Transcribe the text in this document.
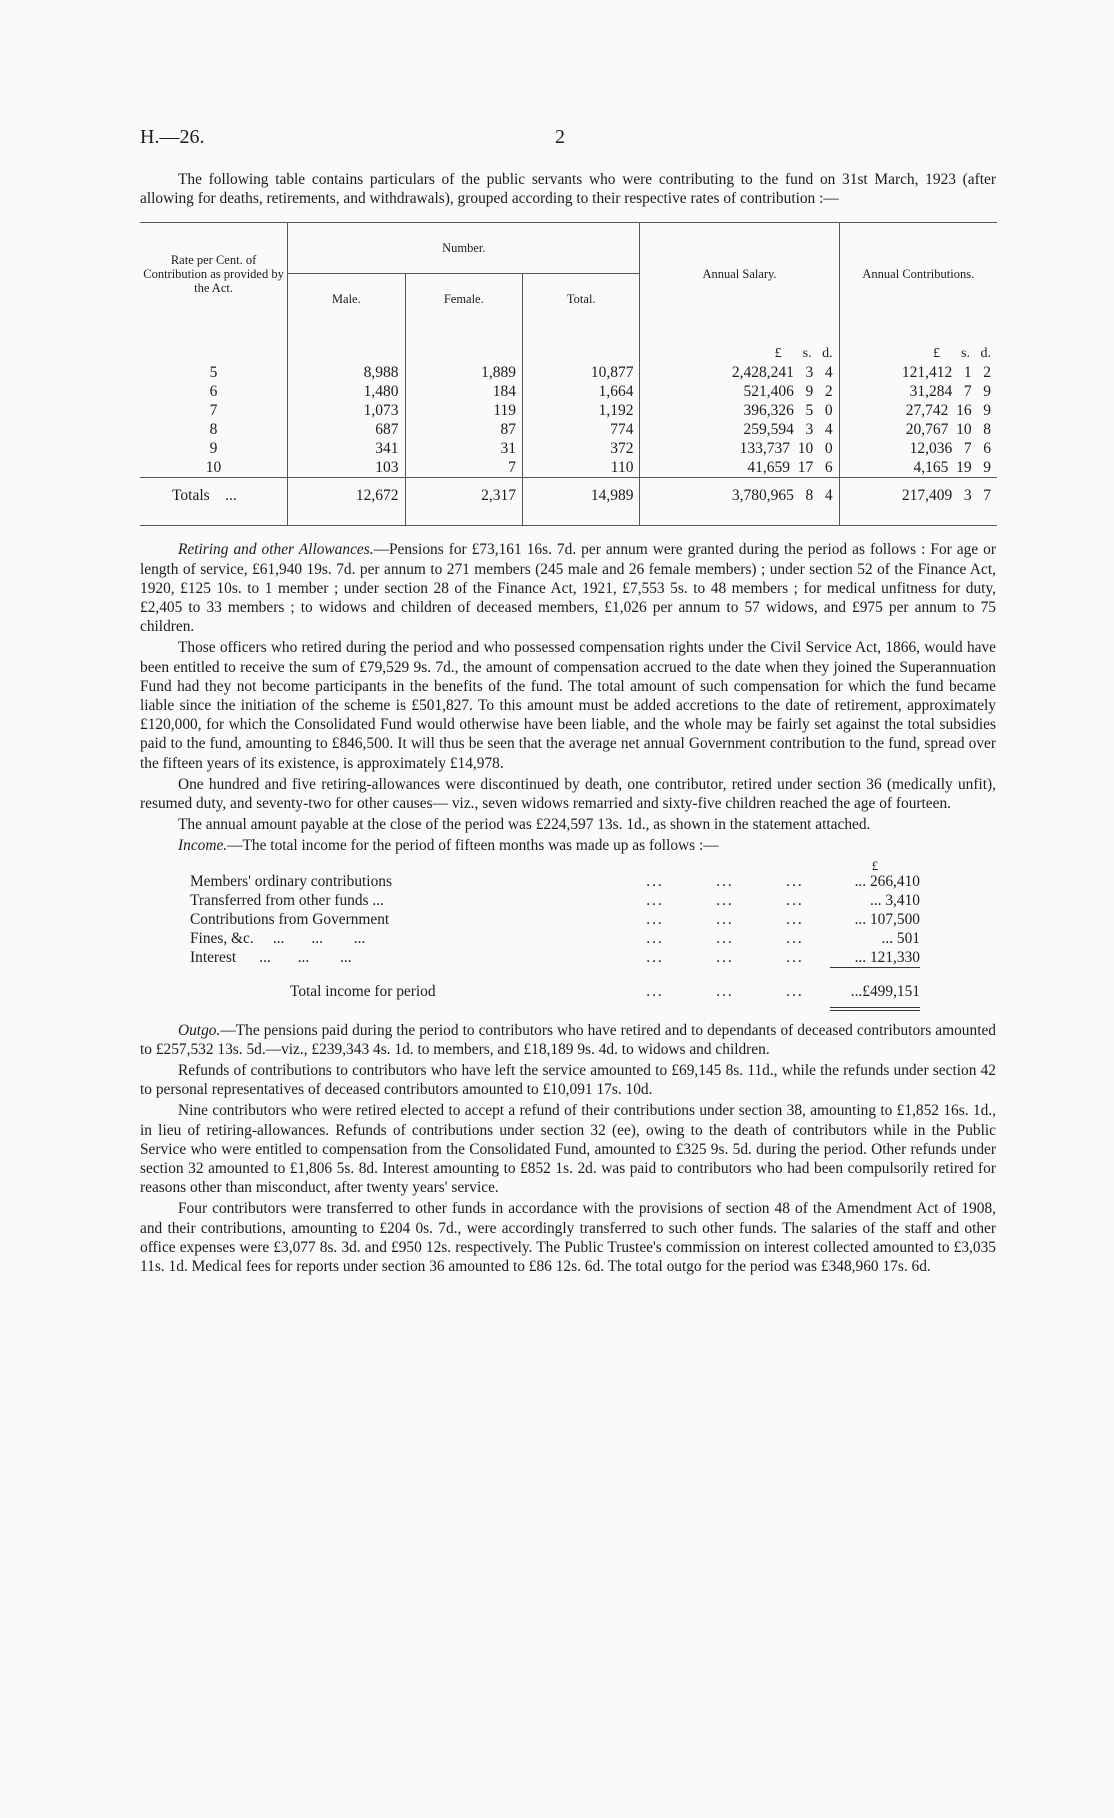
H.—26.	2

The following table contains particulars of the public servants who were contributing to the fund on 31st March, 1923 (after allowing for deaths, retirements, and withdrawals), grouped according to their respective rates of contribution :—

Rate per Cent. of Contribution as provided by the Act.	Number.			Annual Salary.	Annual Contributions.
	Male.	Female.	Total.		

				£      s.   d.	£      s.   d.
5	8,988	1,889	10,877	2,428,241   3   4	121,412   1   2
6	1,480	184	1,664	521,406   9   2	31,284   7   9
7	1,073	119	1,192	396,326   5   0	27,742  16   9
8	687	87	774	259,594   3   4	20,767  10   8
9	341	31	372	133,737  10   0	12,036   7   6
10	103	7	110	41,659  17   6	4,165  19   9
Totals ...	12,672	2,317	14,989	3,780,965   8   4	217,409   3   7

Retiring and other Allowances.—Pensions for £73,161 16s. 7d. per annum were granted during the period as follows : For age or length of service, £61,940 19s. 7d. per annum to 271 members (245 male and 26 female members) ; under section 52 of the Finance Act, 1920, £125 10s. to 1 member ; under section 28 of the Finance Act, 1921, £7,553 5s. to 48 members ; for medical unfitness for duty, £2,405 to 33 members ; to widows and children of deceased members, £1,026 per annum to 57 widows, and £975 per annum to 75 children.

Those officers who retired during the period and who possessed compensation rights under the Civil Service Act, 1866, would have been entitled to receive the sum of £79,529 9s. 7d., the amount of compensation accrued to the date when they joined the Superannuation Fund had they not become participants in the benefits of the fund. The total amount of such compensation for which the fund became liable since the initiation of the scheme is £501,827. To this amount must be added accretions to the date of retirement, approximately £120,000, for which the Consolidated Fund would otherwise have been liable, and the whole may be fairly set against the total subsidies paid to the fund, amounting to £846,500. It will thus be seen that the average net annual Government contribution to the fund, spread over the fifteen years of its existence, is approximately £14,978.

One hundred and five retiring-allowances were discontinued by death, one contributor, retired under section 36 (medically unfit), resumed duty, and seventy-two for other causes— viz., seven widows remarried and sixty-five children reached the age of fourteen.

The annual amount payable at the close of the period was £224,597 13s. 1d., as shown in the statement attached.

Income.—The total income for the period of fifteen months was made up as follows :—

				£
Members' ordinary contributions	...	...	...	... 266,410
Transferred from other funds ...	...	...	...	... 3,410
Contributions from Government	...	...	...	... 107,500
Fines, &c.     ...       ...        ...	...	...	...	... 501
Interest      ...       ...        ...	...	...	...	... 121,330
Total income for period	...	...	...	...£499,151

Outgo.—The pensions paid during the period to contributors who have retired and to dependants of deceased contributors amounted to £257,532 13s. 5d.—viz., £239,343 4s. 1d. to members, and £18,189 9s. 4d. to widows and children.

Refunds of contributions to contributors who have left the service amounted to £69,145 8s. 11d., while the refunds under section 42 to personal representatives of deceased contributors amounted to £10,091 17s. 10d.

Nine contributors who were retired elected to accept a refund of their contributions under section 38, amounting to £1,852 16s. 1d., in lieu of retiring-allowances. Refunds of contributions under section 32 (ee), owing to the death of contributors while in the Public Service who were entitled to compensation from the Consolidated Fund, amounted to £325 9s. 5d. during the period. Other refunds under section 32 amounted to £1,806 5s. 8d. Interest amounting to £852 1s. 2d. was paid to contributors who had been compulsorily retired for reasons other than misconduct, after twenty years' service.

Four contributors were transferred to other funds in accordance with the provisions of section 48 of the Amendment Act of 1908, and their contributions, amounting to £204 0s. 7d., were accordingly transferred to such other funds. The salaries of the staff and other office expenses were £3,077 8s. 3d. and £950 12s. respectively. The Public Trustee's commission on interest collected amounted to £3,035 11s. 1d. Medical fees for reports under section 36 amounted to £86 12s. 6d. The total outgo for the period was £348,960 17s. 6d.
